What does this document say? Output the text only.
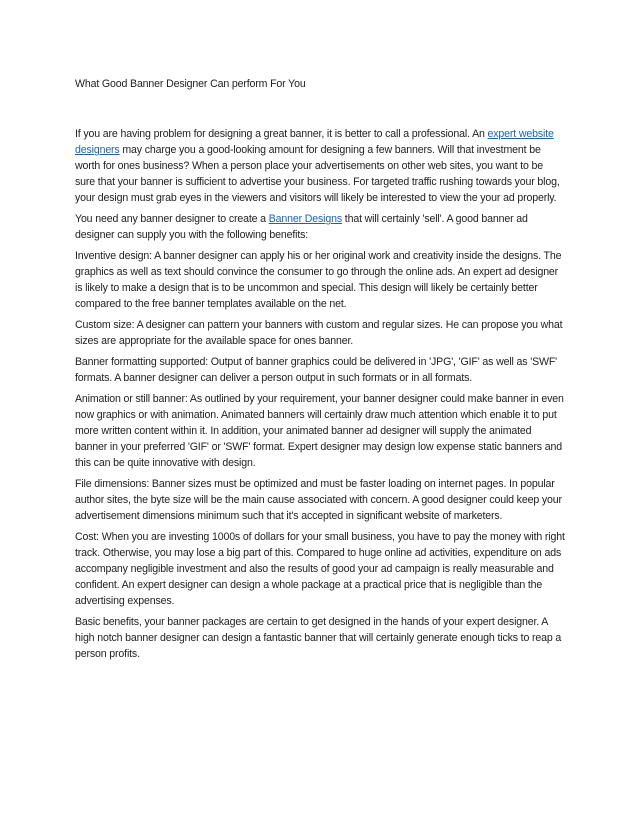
What Good Banner Designer Can perform For You

If you are having problem for designing a great banner, it is better to call a professional. An expert website designers may charge you a good-looking amount for designing a few banners. Will that investment be worth for ones business? When a person place your advertisements on other web sites, you want to be sure that your banner is sufficient to advertise your business. For targeted traffic rushing towards your blog, your design must grab eyes in the viewers and visitors will likely be interested to view the your ad properly.

You need any banner designer to create a Banner Designs that will certainly 'sell'. A good banner ad designer can supply you with the following benefits:

Inventive design: A banner designer can apply his or her original work and creativity inside the designs. The graphics as well as text should convince the consumer to go through the online ads. An expert ad designer is likely to make a design that is to be uncommon and special. This design will likely be certainly better compared to the free banner templates available on the net.

Custom size: A designer can pattern your banners with custom and regular sizes. He can propose you what sizes are appropriate for the available space for ones banner.

Banner formatting supported: Output of banner graphics could be delivered in 'JPG', 'GIF' as well as 'SWF' formats. A banner designer can deliver a person output in such formats or in all formats.

Animation or still banner: As outlined by your requirement, your banner designer could make banner in even now graphics or with animation. Animated banners will certainly draw much attention which enable it to put more written content within it. In addition, your animated banner ad designer will supply the animated banner in your preferred 'GIF' or 'SWF' format. Expert designer may design low expense static banners and this can be quite innovative with design.

File dimensions: Banner sizes must be optimized and must be faster loading on internet pages. In popular author sites, the byte size will be the main cause associated with concern. A good designer could keep your advertisement dimensions minimum such that it's accepted in significant website of marketers.

Cost: When you are investing 1000s of dollars for your small business, you have to pay the money with right track. Otherwise, you may lose a big part of this. Compared to huge online ad activities, expenditure on ads accompany negligible investment and also the results of good your ad campaign is really measurable and confident. An expert designer can design a whole package at a practical price that is negligible than the advertising expenses.

Basic benefits, your banner packages are certain to get designed in the hands of your expert designer. A high notch banner designer can design a fantastic banner that will certainly generate enough ticks to reap a person profits.
